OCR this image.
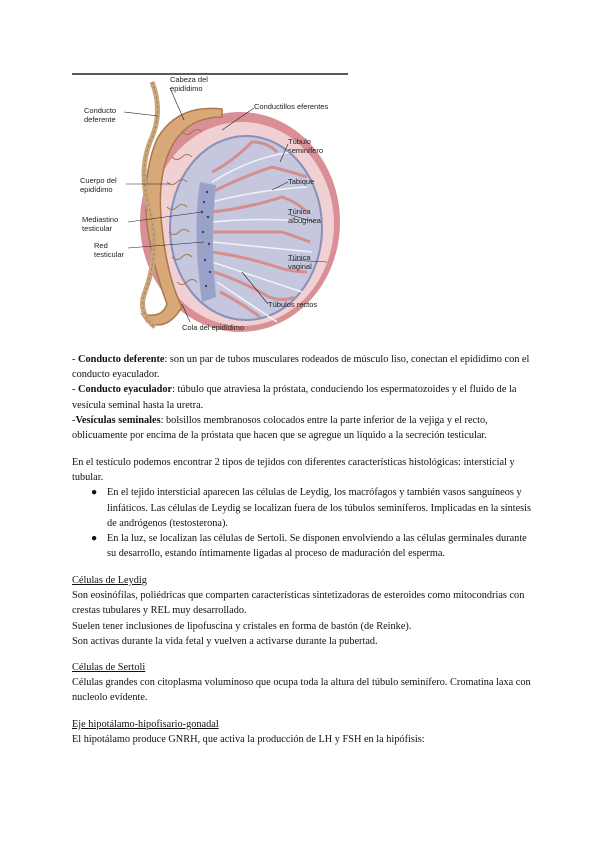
Cabeza del
epidídimo
Conductillos eferentes
Conducto
deferente
Túbulo
seminífero
Tabique
Cuerpo del
epidídimo
Túnica
albugínea
Mediastino
testicular
Red
testicular	Túnica
vaginal
Túbulos rectos
Cola del epidídimo

- Conducto deferente: son un par de tubos musculares rodeados de músculo liso, conectan el epidídimo con el conducto eyaculador.

- Conducto eyaculador: túbulo que atraviesa la próstata, conduciendo los espermatozoides y el fluido de la vesícula seminal hasta la uretra.

-Vesículas seminales: bolsillos membranosos colocados entre la parte inferior de la vejiga y el recto, oblicuamente por encima de la próstata que hacen que se agregue un líquido a la secreción testicular.

En el testículo podemos encontrar 2 tipos de tejidos con diferentes características histológicas: intersticial y tubular.

● En el tejido intersticial aparecen las células de Leydig, los macrófagos y también vasos sanguíneos y linfáticos. Las células de Leydig se localizan fuera de los túbulos seminíferos. Implicadas en la síntesis de andrógenos (testosterona).
● En la luz, se localizan las células de Sertoli. Se disponen envolviendo a las células germinales durante su desarrollo, estando íntimamente ligadas al proceso de maduración del esperma.

Células de Leydig

Son eosinófilas, poliédricas que comparten características sintetizadoras de esteroides como mitocondrias con crestas tubulares y REL muy desarrollado.

Suelen tener inclusiones de lipofuscina y cristales en forma de bastón (de Reinke).

Son activas durante la vida fetal y vuelven a activarse durante la pubertad.

Células de Sertoli

Células grandes con citoplasma voluminoso que ocupa toda la altura del túbulo seminífero. Cromatina laxa con nucleolo evidente.

Eje hipotálamo-hipofisario-gonadal

El hipotálamo produce GNRH, que activa la producción de LH y FSH en la hipófisis:
